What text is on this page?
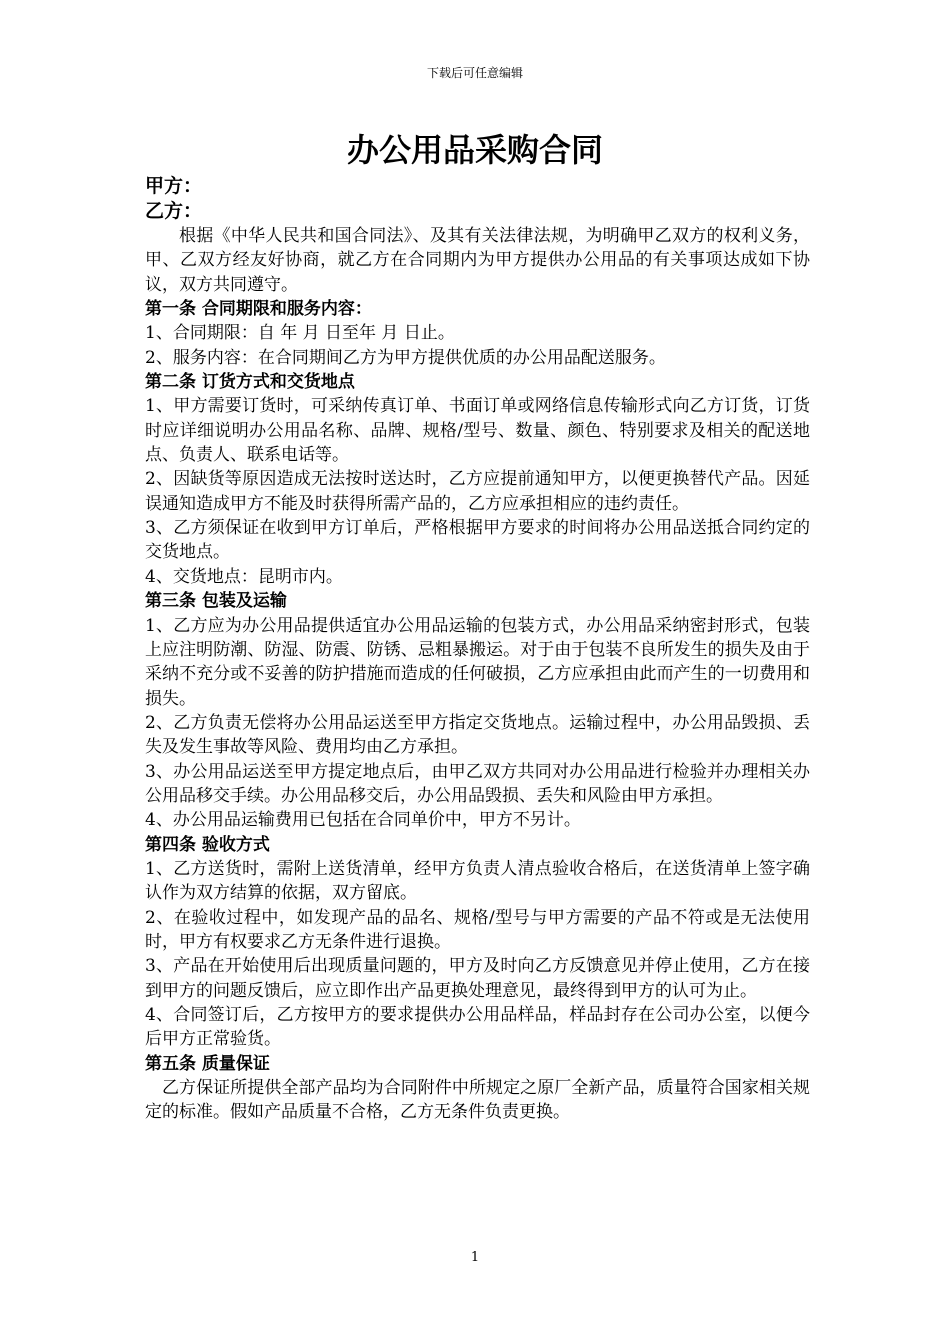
下载后可任意编辑
办公用品采购合同

甲方：

乙方：

根据《中华人民共和国合同法》、及其有关法律法规，为明确甲乙双方的权利义务，甲、乙双方经友好协商，就乙方在合同期内为甲方提供办公用品的有关事项达成如下协议，双方共同遵守。

第一条 合同期限和服务内容：

1、合同期限：自 年 月 日至年 月 日止。

2、服务内容：在合同期间乙方为甲方提供优质的办公用品配送服务。

第二条 订货方式和交货地点

1、甲方需要订货时，可采纳传真订单、书面订单或网络信息传输形式向乙方订货，订货时应详细说明办公用品名称、品牌、规格/型号、数量、颜色、特别要求及相关的配送地点、负责人、联系电话等。

2、因缺货等原因造成无法按时送达时，乙方应提前通知甲方，以便更换替代产品。因延误通知造成甲方不能及时获得所需产品的，乙方应承担相应的违约责任。

3、乙方须保证在收到甲方订单后，严格根据甲方要求的时间将办公用品送抵合同约定的交货地点。

4、交货地点：昆明市内。

第三条 包装及运输

1、乙方应为办公用品提供适宜办公用品运输的包装方式，办公用品采纳密封形式，包装上应注明防潮、防湿、防震、防锈、忌粗暴搬运。对于由于包装不良所发生的损失及由于采纳不充分或不妥善的防护措施而造成的任何破损，乙方应承担由此而产生的一切费用和损失。

2、乙方负责无偿将办公用品运送至甲方指定交货地点。运输过程中，办公用品毁损、丢失及发生事故等风险、费用均由乙方承担。

3、办公用品运送至甲方提定地点后，由甲乙双方共同对办公用品进行检验并办理相关办公用品移交手续。办公用品移交后，办公用品毁损、丢失和风险由甲方承担。

4、办公用品运输费用已包括在合同单价中，甲方不另计。

第四条 验收方式

1、乙方送货时，需附上送货清单，经甲方负责人清点验收合格后，在送货清单上签字确认作为双方结算的依据，双方留底。

2、在验收过程中，如发现产品的品名、规格/型号与甲方需要的产品不符或是无法使用时，甲方有权要求乙方无条件进行退换。

3、产品在开始使用后出现质量问题的，甲方及时向乙方反馈意见并停止使用，乙方在接到甲方的问题反馈后，应立即作出产品更换处理意见，最终得到甲方的认可为止。

4、合同签订后，乙方按甲方的要求提供办公用品样品，样品封存在公司办公室，以便今后甲方正常验货。

第五条 质量保证

乙方保证所提供全部产品均为合同附件中所规定之原厂全新产品，质量符合国家相关规定的标准。假如产品质量不合格，乙方无条件负责更换。

1
